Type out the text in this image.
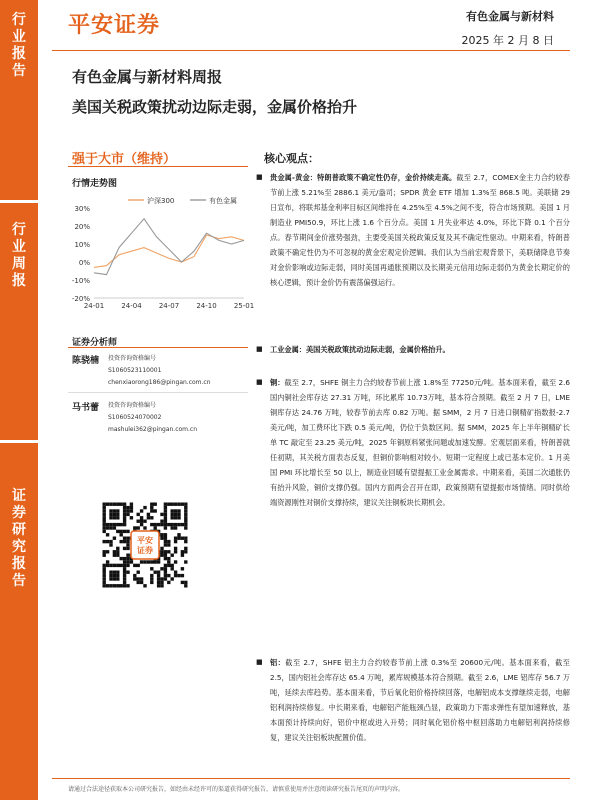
行
业
报
告
行
业
周
报
证
券
研
究
报
告
平安证券	有色金属与新材料
2025 年 2 月 8 日
有色金属与新材料周报
美国关税政策扰动边际走弱，金属价格抬升
强于大市（维持）
行情走势图
30%
20%
10%
0%
-10%
-20%
24-01 24-04 24-07 24-10 25-01
沪深300	有色金属
证券分析师
陈骁楠 投资咨询资格编号
S1060523110001
chenxiaorong186@pingan.com.cn
马书蕾 投资咨询资格编号
S1060524070002
mashulei362@pingan.com.cn
平安
证券
核心观点：
■ 贵金属-黄金：特朗普政策不确定性仍存，金价持续走高。截至 2.7，COMEX金主力合约较春节前上涨 5.21%至 2886.1 美元/盎司；SPDR 黄金 ETF 增加 1.3%至 868.5 吨。美联储 29 日宣布，将联邦基金利率目标区间维持在 4.25%至 4.5%之间不变，符合市场预期。美国 1 月制造业 PMI50.9，环比上涨 1.6 个百分点。美国 1 月失业率达 4.0%，环比下降 0.1 个百分点。春节期间金价涨势强劲，主要受美国关税政策反复及其不确定性驱动。中期来看，特朗普政策不确定性仍为不可忽视的黄金宏观定价逻辑。我们认为当前宏观背景下，美联储降息节奏对金价影响或边际走弱，同时美国再通胀预期以及长期美元信用边际走弱仍为黄金长期定价的核心逻辑，预计金价仍有震荡偏强运行。
■ 工业金属：美国关税政策扰动边际走弱，金属价格抬升。
■ 铜：截至 2.7，SHFE 铜主力合约较春节前上涨 1.8%至 77250元/吨。基本面来看，截至 2.6 国内铜社会库存达 27.31 万吨，环比累库 10.73万吨，基本符合预期。截至 2 月 7 日，LME 铜库存达 24.76 万吨，较春节前去库 0.82 万吨。据 SMM，2 月 7 日进口铜精矿指数报-2.7 美元/吨，加工费环比下跌 0.5 美元/吨，仍位于负数区间。据 SMM，2025 年上半年铜精矿长单 TC 敲定至 23.25 美元/吨，2025 年铜原料紧张问题或加速发酵。宏观层面来看，特朗普就任初期，其关税方面表态反复，但铜价影响相对较小。短期一定程度上或已基本定价。1 月美国 PMI 环比增长至 50 以上，制造业回暖有望提振工业金属需求。中期来看，美国二次通胀仍有抬升风险，铜价支撑仍强。国内方面两会召开在即，政策预期有望提振市场情绪。同时供给端资源刚性对铜价支撑持续，建议关注铜板块长期机会。
■ 铝：截至 2.7，SHFE 铝主力合约较春节前上涨 0.3%至 20600元/吨。基本面来看，截至 2.5，国内铝社会库存达 65.4 万吨，累库规模基本符合预期。截至 2.6，LME 铝库存 56.7 万吨，延续去库趋势。基本面来看，节后氧化铝价格持续回落，电解铝成本支撑继续走弱，电解铝利润持续修复。中长期来看，电解铝产能瓶颈凸显，政策助力下需求弹性有望加速释放，基本面预计持续向好，铝价中枢或进入升势；同时氧化铝价格中枢回落助力电解铝利润持续修复，建议关注铝板块配置价值。
请通过合法途径获取本公司研究报告，如经由未经许可的渠道获得研究报告，请慎重使用并注意阅读研究报告尾页的声明内容。
